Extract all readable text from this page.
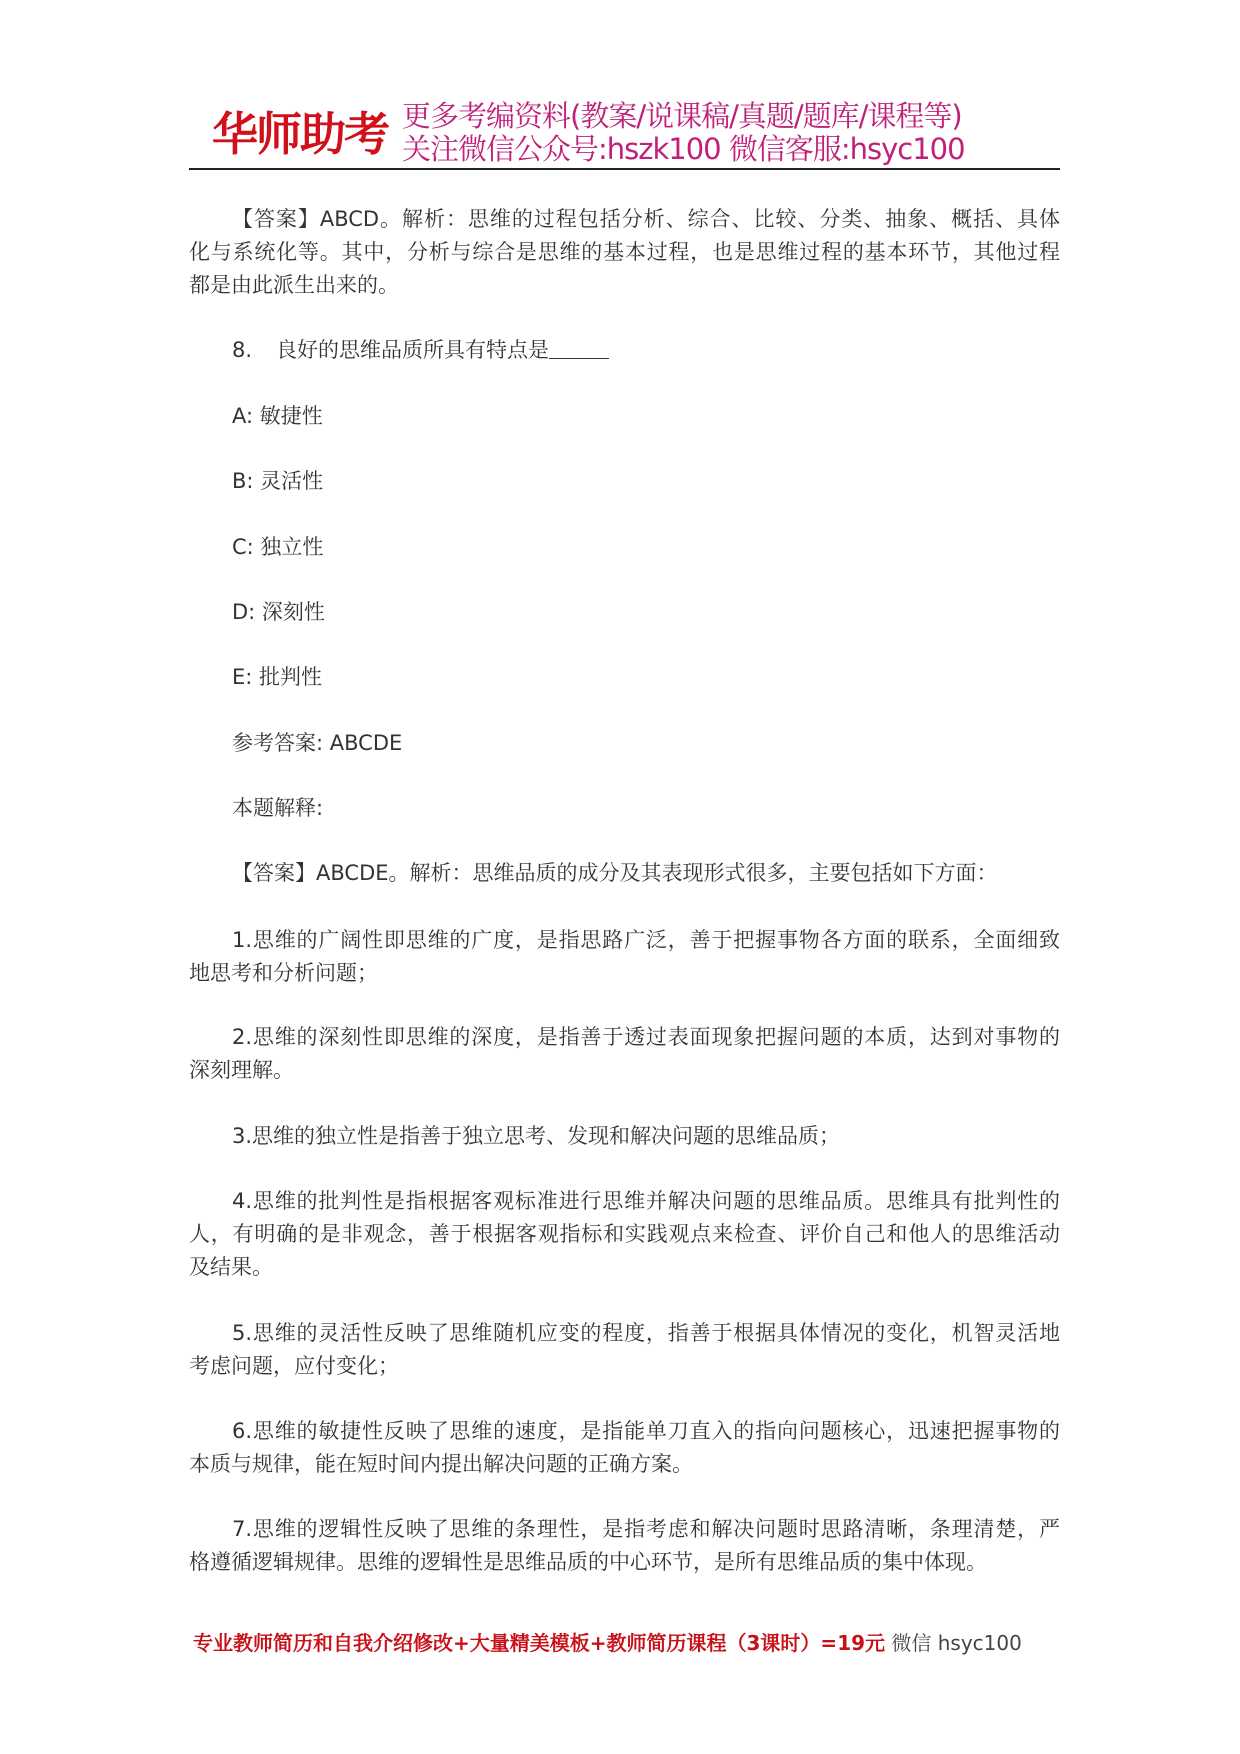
华师助考 更多考编资料(教案/说课稿/真题/题库/课程等)
关注微信公众号:hszk100 微信客服:hsyc100
【答案】ABCD。解析：思维的过程包括分析、综合、比较、分类、抽象、概括、具体
化与系统化等。其中，分析与综合是思维的基本过程，也是思维过程的基本环节，其他过程
都是由此派生出来的。
8. 良好的思维品质所具有特点是
A: 敏捷性
B: 灵活性
C: 独立性
D: 深刻性
E: 批判性
参考答案: ABCDE
本题解释:
【答案】ABCDE。解析：思维品质的成分及其表现形式很多，主要包括如下方面：
1.思维的广阔性即思维的广度，是指思路广泛，善于把握事物各方面的联系，全面细致
地思考和分析问题；
2.思维的深刻性即思维的深度，是指善于透过表面现象把握问题的本质，达到对事物的
深刻理解。
3.思维的独立性是指善于独立思考、发现和解决问题的思维品质；
4.思维的批判性是指根据客观标准进行思维并解决问题的思维品质。思维具有批判性的
人，有明确的是非观念，善于根据客观指标和实践观点来检查、评价自己和他人的思维活动
及结果。
5.思维的灵活性反映了思维随机应变的程度，指善于根据具体情况的变化，机智灵活地
考虑问题，应付变化；
6.思维的敏捷性反映了思维的速度，是指能单刀直入的指向问题核心，迅速把握事物的
本质与规律，能在短时间内提出解决问题的正确方案。
7.思维的逻辑性反映了思维的条理性，是指考虑和解决问题时思路清晰，条理清楚，严
格遵循逻辑规律。思维的逻辑性是思维品质的中心环节，是所有思维品质的集中体现。
专业教师简历和自我介绍修改+大量精美模板+教师简历课程（3课时）=19元 微信 hsyc100
